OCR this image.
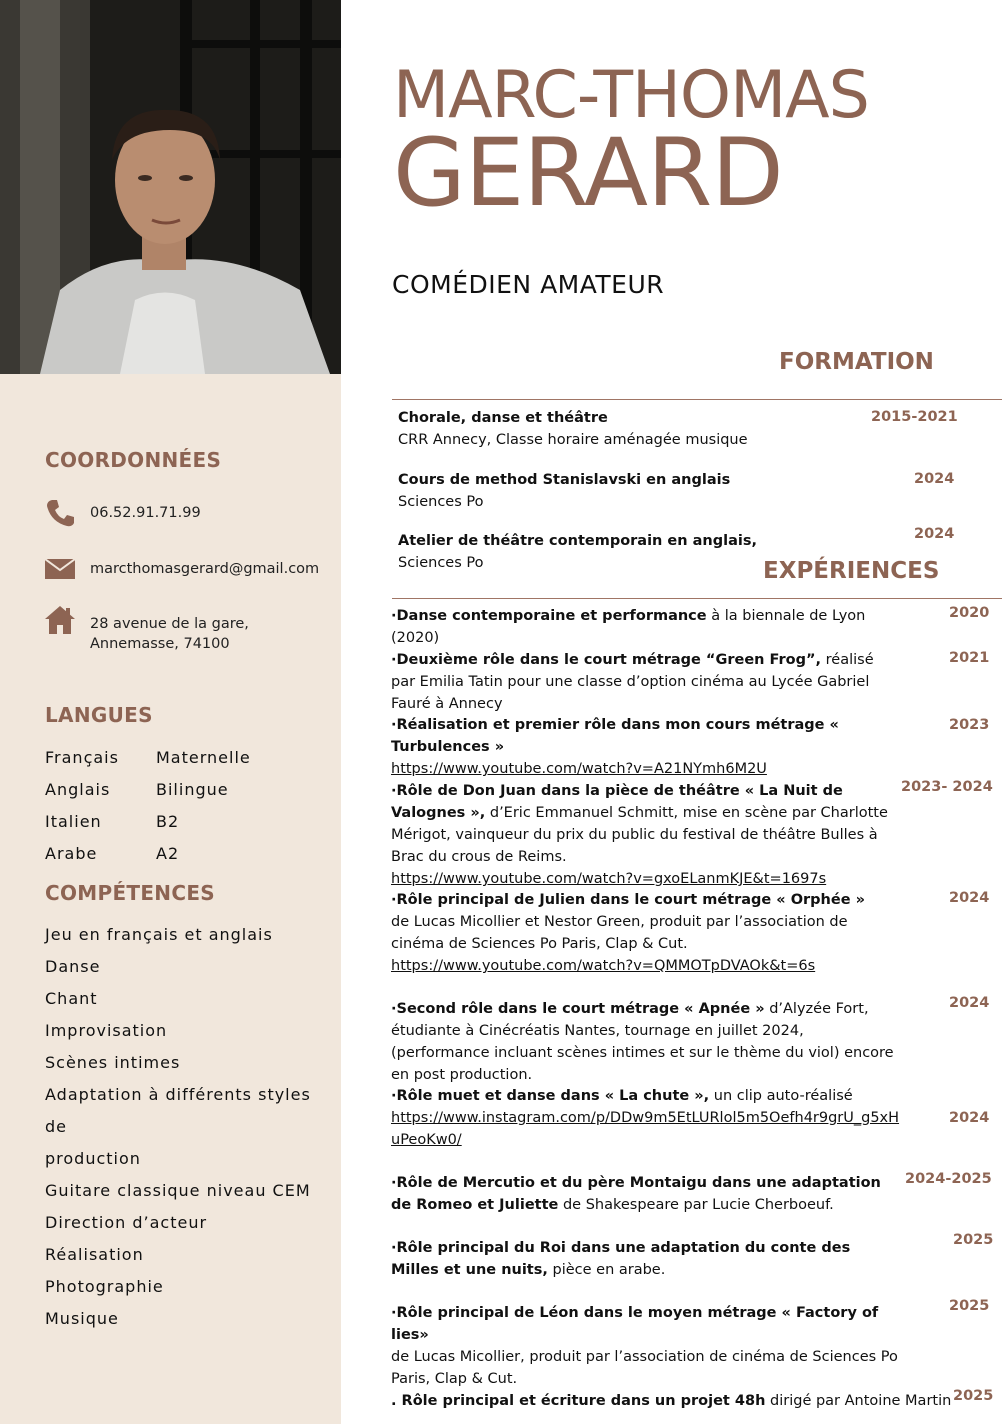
COORDONNÉES
06.52.91.71.99
marcthomasgerard@gmail.com
28 avenue de la gare,
Annemasse, 74100
LANGUES
Français Maternelle
Anglais	Bilingue
Italien	B2
Arabe	A2
COMPÉTENCES
Jeu en français et anglais
Danse
Chant
Improvisation
Scènes intimes
Adaptation à différents styles de
production
Guitare classique niveau CEM
Direction d’acteur
Réalisation
Photographie
Musique
MARC-THOMAS
GERARD
COMÉDIEN AMATEUR
FORMATION
Chorale, danse et théâtre
CRR Annecy, Classe horaire aménagée musique
2015-2021
Cours de method Stanislavski en anglais
Sciences Po
2024
Atelier de théâtre contemporain en anglais,
Sciences Po
2024
EXPÉRIENCES
·Danse contemporaine et performance à la biennale de Lyon (2020)
2020
·Deuxième rôle dans le court métrage “Green Frog”, réalisé par Emilia Tatin pour une classe d’option cinéma au Lycée Gabriel Fauré à Annecy
2021
·Réalisation et premier rôle dans mon cours métrage « Turbulences »
https://www.youtube.com/watch?v=A21NYmh6M2U
2023
·Rôle de Don Juan dans la pièce de théâtre « La Nuit de Valognes », d’Eric Emmanuel Schmitt, mise en scène par Charlotte Mérigot, vainqueur du prix du public du festival de théâtre Bulles à Brac du crous de Reims.
https://www.youtube.com/watch?v=gxoELanmKJE&t=1697s
2023- 2024
·Rôle principal de Julien dans le court métrage « Orphée »
de Lucas Micollier et Nestor Green, produit par l’association de cinéma de Sciences Po Paris, Clap & Cut.
https://www.youtube.com/watch?v=QMMOTpDVAOk&t=6s
2024
·Second rôle dans le court métrage « Apnée » d’Alyzée Fort, étudiante à Cinécréatis Nantes, tournage en juillet 2024, (performance incluant scènes intimes et sur le thème du viol) encore en post production.
2024
·Rôle muet et danse dans « La chute », un clip auto-réalisé
https://www.instagram.com/p/DDw9m5EtLURlol5m5Oefh4r9grU_g5xHuPeoKw0/
2024
·Rôle de Mercutio et du père Montaigu dans une adaptation de Romeo et Juliette de Shakespeare par Lucie Cherboeuf.
2024-2025
·Rôle principal du Roi dans une adaptation du conte des Milles et une nuits, pièce en arabe.
2025
·Rôle principal de Léon dans le moyen métrage « Factory of lies»
de Lucas Micollier, produit par l’association de cinéma de Sciences Po Paris, Clap & Cut.
2025
. Rôle principal et écriture dans un projet 48h dirigé par Antoine Martin 2025
